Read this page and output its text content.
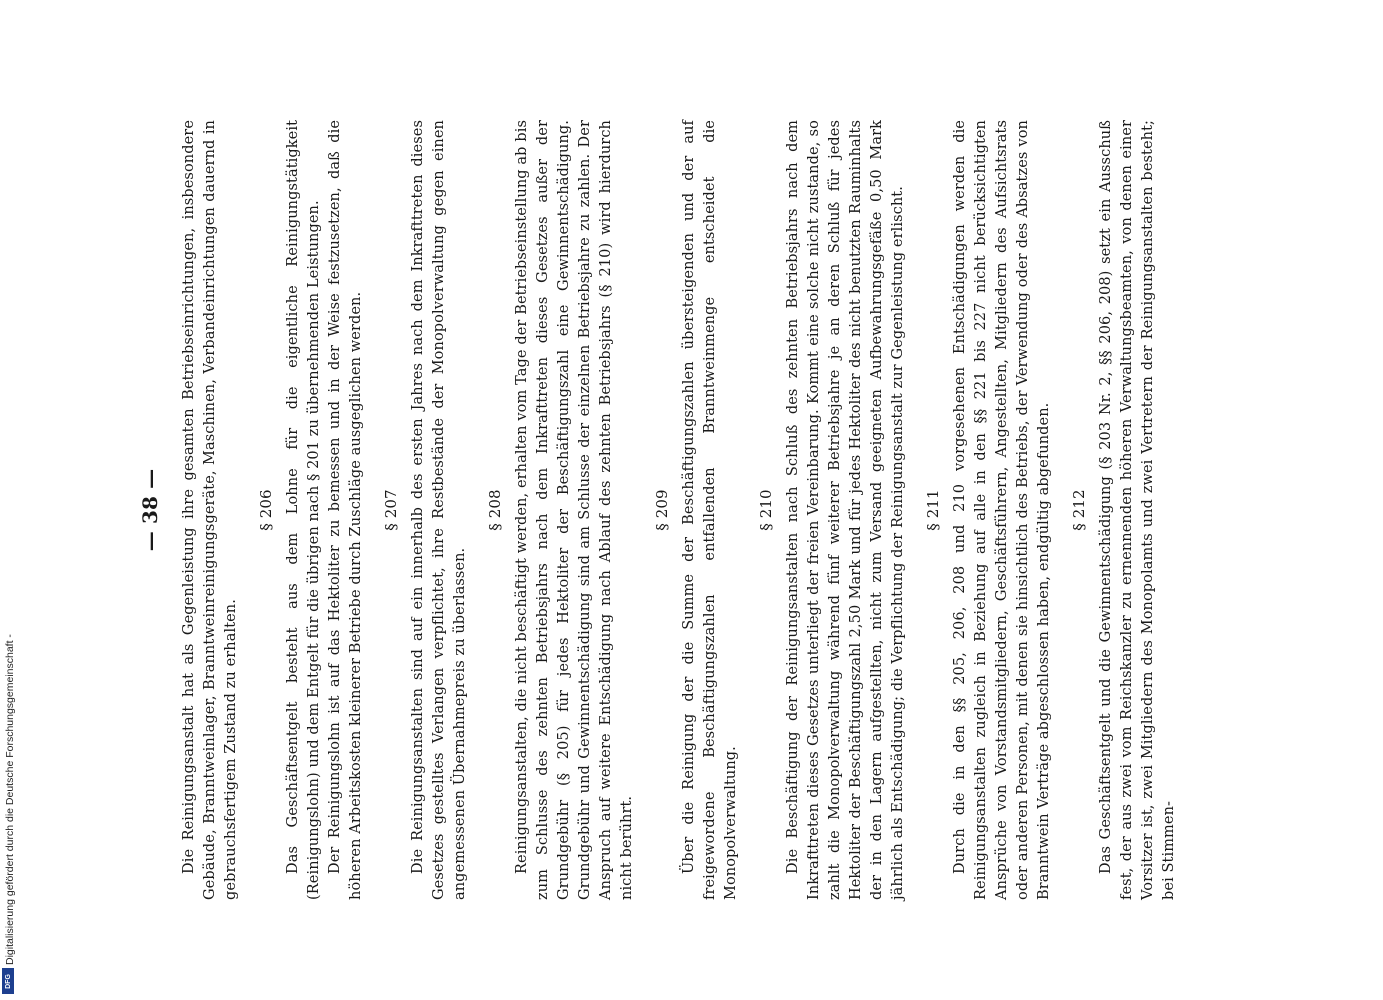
— 38 — Die Reinigungsanstalt hat als Gegenleistung ihre gesamten Betriebseinrichtungen, insbesondere Gebäude, Branntweinlager, Branntweinreinigungsgeräte, Maschinen, Verbandeinrichtungen dauernd in gebrauchsfertigem Zustand zu erhalten.

§ 206 Das Geschäftsentgelt besteht aus dem Lohne für die eigentliche Reinigungstätigkeit (Reinigungslohn) und dem Entgelt für die übrigen nach § 201 zu übernehmenden Leistungen. Der Reinigungslohn ist auf das Hektoliter zu bemessen und in der Weise festzusetzen, daß die höheren Arbeitskosten kleinerer Betriebe durch Zuschläge ausgeglichen werden. § 207 Die Reinigungsanstalten sind auf ein innerhalb des ersten Jahres nach dem Inkrafttreten dieses Gesetzes gestelltes Verlangen verpflichtet, ihre Restbestände der Monopolverwaltung gegen einen angemessenen Übernahmepreis zu überlassen.

§ 208 Reinigungsanstalten, die nicht beschäftigt werden, erhalten vom Tage der Betriebseinstellung ab bis zum Schlusse des zehnten Betriebsjahrs nach dem Inkrafttreten dieses Gesetzes außer der Grundgebühr (§ 205) für jedes Hektoliter der Beschäftigungszahl eine Gewinnentschädigung. Grundgebühr und Gewinnentschädigung sind am Schlusse der einzelnen Betriebsjahre zu zahlen. Der Anspruch auf weitere Entschädigung nach Ablauf des zehnten Betriebsjahrs (§ 210) wird hierdurch nicht berührt.

§ 209 Über die Reinigung der die Summe der Beschäftigungszahlen übersteigenden und der auf freigewordene Beschäftigungszahlen entfallenden Branntweinmenge entscheidet die Monopolverwaltung.

§ 210 Die Beschäftigung der Reinigungsanstalten nach Schluß des zehnten Betriebsjahrs nach dem Inkrafttreten dieses Gesetzes unterliegt der freien Vereinbarung. Kommt eine solche nicht zustande, so zahlt die Monopolverwaltung während fünf weiterer Betriebsjahre je an deren Schluß für jedes Hektoliter der Beschäftigungszahl 2,50 Mark und für jedes Hektoliter des nicht benutzten Rauminhalts der in den Lagern aufgestellten, nicht zum Versand geeigneten Aufbewahrungsgefäße 0,50 Mark jährlich als Entschädigung; die Verpflichtung der Reinigungsanstalt zur Gegenleistung erlischt. § 211 Durch die in den §§ 205, 206, 208 und 210 vorgesehenen Entschädigungen werden die Reinigungsanstalten zugleich in Beziehung auf alle in den §§ 221 bis 227 nicht berücksichtigten Ansprüche von Vorstandsmitgliedern, Geschäftsführern, Angestellten, Mitgliedern des Aufsichtsrats oder anderen Personen, mit denen sie hinsichtlich des Betriebs, der Verwendung oder des Absatzes von Branntwein Verträge abgeschlossen haben, endgültig abgefunden. § 212 Das Geschäftsentgelt und die Gewinnentschädigung (§ 203 Nr. 2, §§ 206, 208) setzt ein Ausschuß fest, der aus zwei vom Reichskanzler zu ernennenden höheren Verwaltungsbeamten, von denen einer Vorsitzer ist, zwei Mitgliedern des Monopolamts und zwei Vertretern der Reinigungsanstalten besteht; bei Stimmen-

Digitalisierung gefördert durch die Deutsche Forschungsgemeinschaft -
DFG
